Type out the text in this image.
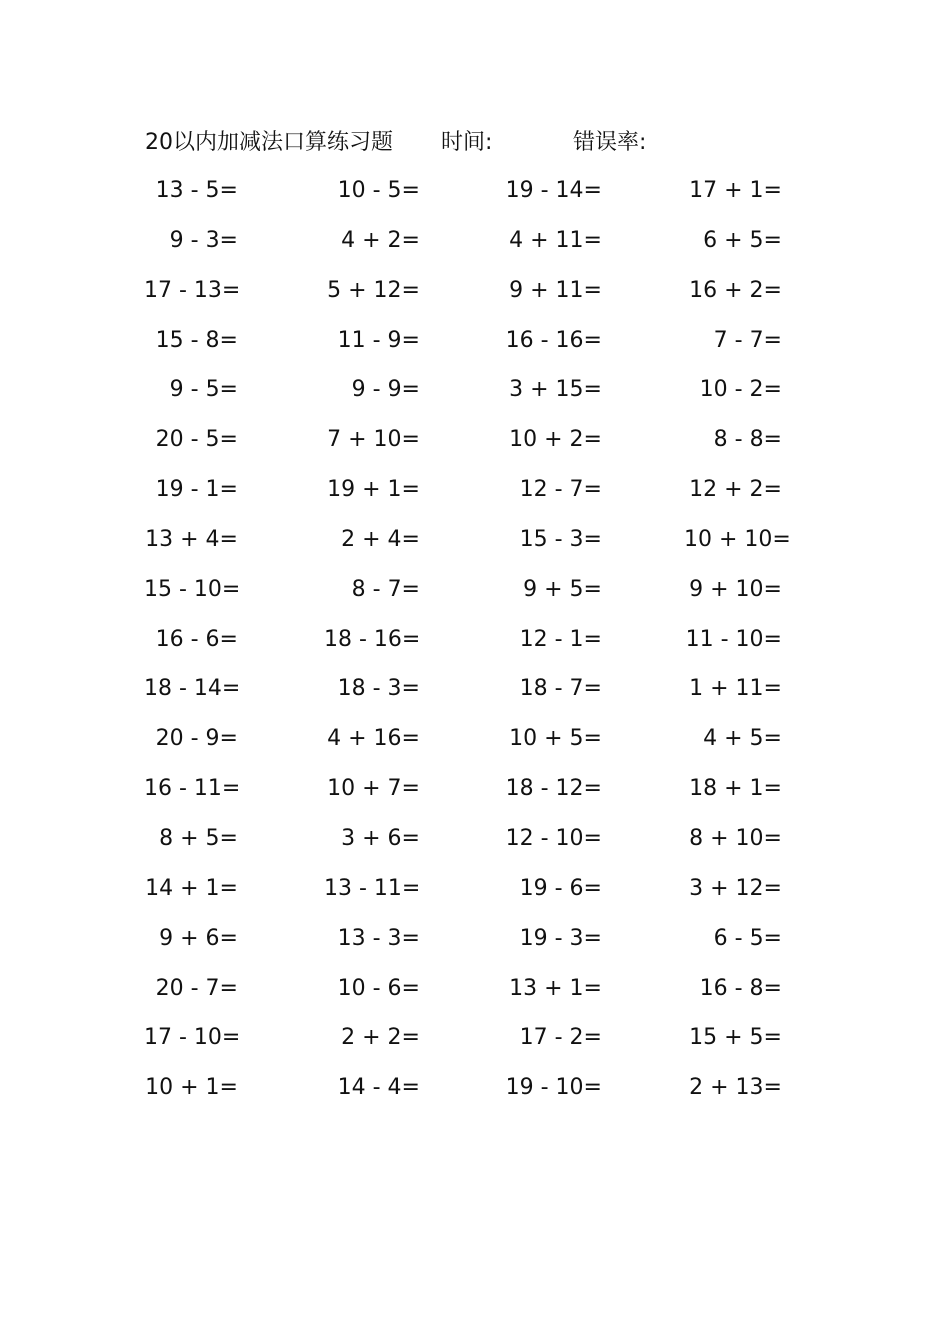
20以内加减法口算练习题 时间:	错误率:
13 - 5=	10 - 5=	19 - 14=	17 + 1=
9 - 3=	4 + 2=	4 + 11=	6 + 5=
17 - 13=	5 + 12=	9 + 11=	16 + 2=
15 - 8=	11 - 9=	16 - 16=	7 - 7=
9 - 5=	9 - 9=	3 + 15=	10 - 2=
20 - 5=	7 + 10=	10 + 2=	8 - 8=
19 - 1=	19 + 1=	12 - 7=	12 + 2=
13 + 4=	2 + 4=	15 - 3=	10 + 10=
15 - 10=	8 - 7=	9 + 5=	9 + 10=
16 - 6=	18 - 16=	12 - 1=	11 - 10=
18 - 14=	18 - 3=	18 - 7=	1 + 11=
20 - 9=	4 + 16=	10 + 5=	4 + 5=
16 - 11=	10 + 7=	18 - 12=	18 + 1=
8 + 5=	3 + 6=	12 - 10=	8 + 10=
14 + 1=	13 - 11=	19 - 6=	3 + 12=
9 + 6=	13 - 3=	19 - 3=	6 - 5=
20 - 7=	10 - 6=	13 + 1=	16 - 8=
17 - 10=	2 + 2=	17 - 2=	15 + 5=
10 + 1=	14 - 4=	19 - 10=	2 + 13=
